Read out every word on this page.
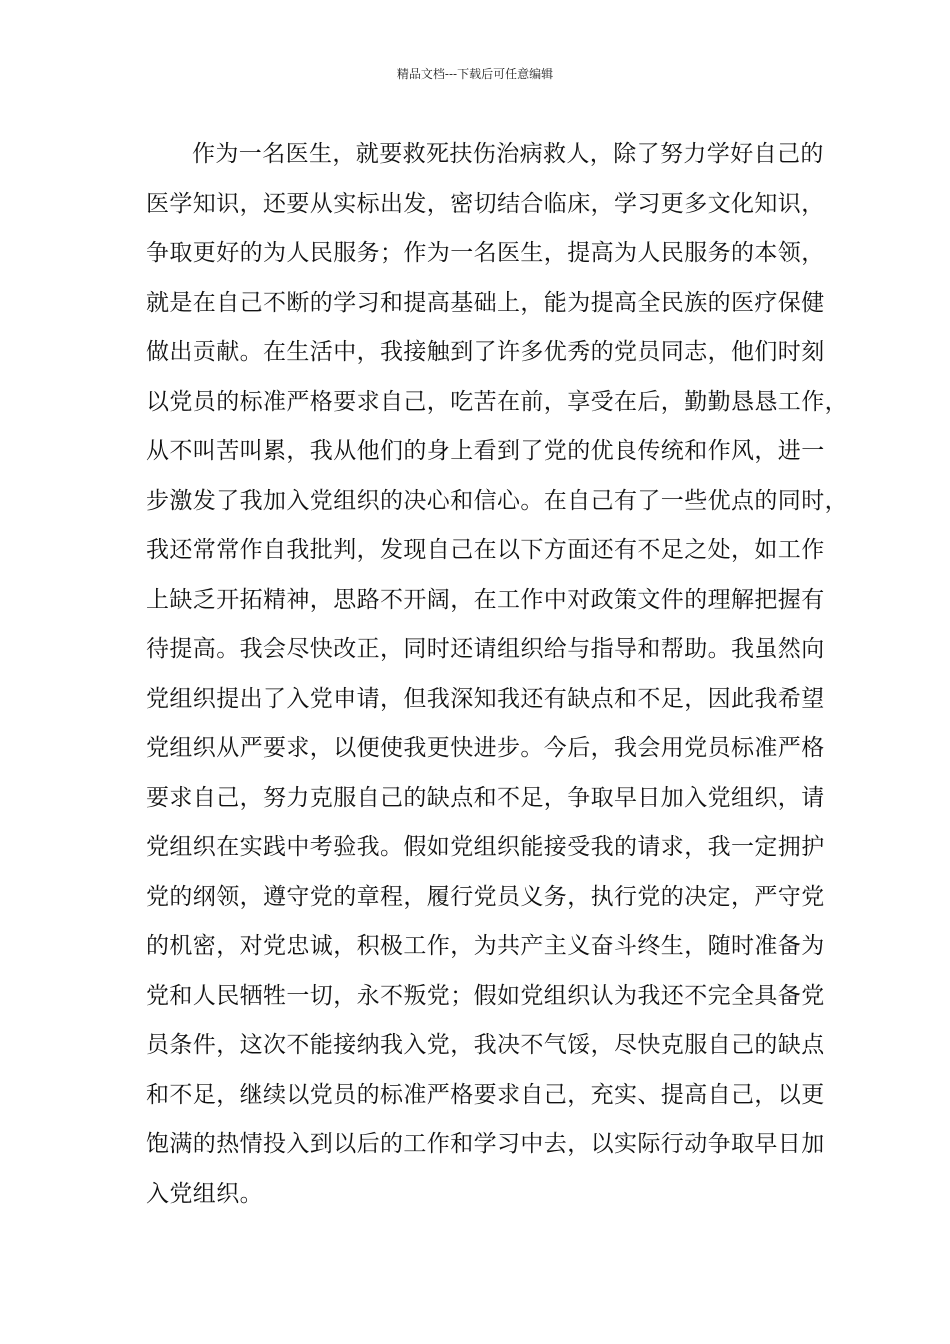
精品文档---下载后可任意编辑
作为一名医生，就要救死扶伤治病救人，除了努力学好自己的
医学知识，还要从实标出发，密切结合临床，学习更多文化知识，
争取更好的为人民服务；作为一名医生，提高为人民服务的本领，
就是在自己不断的学习和提高基础上，能为提高全民族的医疗保健
做出贡献。在生活中，我接触到了许多优秀的党员同志，他们时刻
以党员的标准严格要求自己，吃苦在前，享受在后，勤勤恳恳工作，
从不叫苦叫累，我从他们的身上看到了党的优良传统和作风，进一
步激发了我加入党组织的决心和信心。在自己有了一些优点的同时，
我还常常作自我批判，发现自己在以下方面还有不足之处，如工作
上缺乏开拓精神，思路不开阔，在工作中对政策文件的理解把握有
待提高。我会尽快改正，同时还请组织给与指导和帮助。我虽然向
党组织提出了入党申请，但我深知我还有缺点和不足，因此我希望
党组织从严要求，以便使我更快进步。今后，我会用党员标准严格
要求自己，努力克服自己的缺点和不足，争取早日加入党组织，请
党组织在实践中考验我。假如党组织能接受我的请求，我一定拥护
党的纲领，遵守党的章程，履行党员义务，执行党的决定，严守党
的机密，对党忠诚，积极工作，为共产主义奋斗终生，随时准备为
党和人民牺牲一切，永不叛党；假如党组织认为我还不完全具备党
员条件，这次不能接纳我入党，我决不气馁，尽快克服自己的缺点
和不足，继续以党员的标准严格要求自己，充实、提高自己，以更
饱满的热情投入到以后的工作和学习中去，以实际行动争取早日加
入党组织。
